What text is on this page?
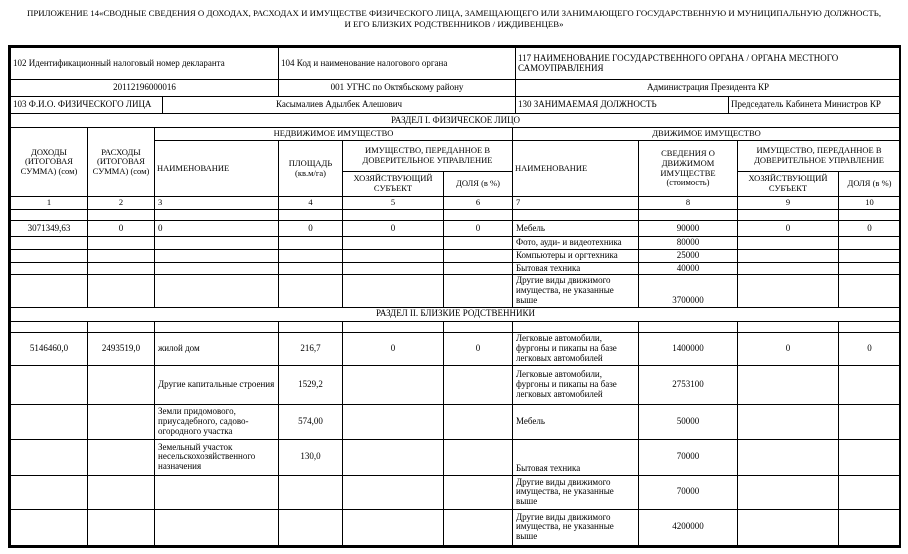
ПРИЛОЖЕНИЕ 14«СВОДНЫЕ СВЕДЕНИЯ О ДОХОДАХ, РАСХОДАХ И ИМУЩЕСТВЕ ФИЗИЧЕСКОГО ЛИЦА, ЗАМЕЩАЮЩЕГО ИЛИ ЗАНИМАЮЩЕГО ГОСУДАРСТВЕННУЮ И МУНИЦИПАЛЬНУЮ ДОЛЖНОСТЬ,
И ЕГО БЛИЗКИХ РОДСТВЕННИКОВ / ИЖДИВЕНЦЕВ»
102 Идентификационный налоговый номер декларанта		104 Код и наименование налогового органа	117 НАИМЕНОВАНИЕ ГОСУДАРСТВЕННОГО ОРГАНА / ОРГАНА МЕСТНОГО САМОУПРАВЛЕНИЯ	
20112196000016		001 УГНС по Октябьскому району	Администрация Президента КР	
103 Ф.И.О. ФИЗИЧЕСКОГО ЛИЦА	Касымалиев Адылбек Алешович		130 ЗАНИМАЕМАЯ ДОЛЖНОСТЬ	Председатель Кабинета Министров КР
РАЗДЕЛ I. ФИЗИЧЕСКОЕ ЛИЦО									
ДОХОДЫ (ИТОГОВАЯ СУММА) (сом)	РАСХОДЫ (ИТОГОВАЯ СУММА) (сом)	НЕДВИЖИМОЕ ИМУЩЕСТВО				ДВИЖИМОЕ ИМУЩЕСТВО			
		НАИМЕНОВАНИЕ	ПЛОЩАДЬ (кв.м/га)	ИМУЩЕСТВО, ПЕРЕДАННОЕ В ДОВЕРИТЕЛЬНОЕ УПРАВЛЕНИЕ		НАИМЕНОВАНИЕ	СВЕДЕНИЯ О ДВИЖИМОМ ИМУЩЕСТВЕ (стоимость)	ИМУЩЕСТВО, ПЕРЕДАННОЕ В ДОВЕРИТЕЛЬНОЕ УПРАВЛЕНИЕ	
				ХОЗЯЙСТВУЮЩИЙ СУБЪЕКТ	ДОЛЯ (в %)			ХОЗЯЙСТВУЮЩИЙ СУБЪЕКТ	ДОЛЯ (в %)
1	2	3	4	5	6	7	8	9	10

3071349,63	0	0	0	0	0	Мебель	90000	0	0
						Фото, ауди- и видеотехника	80000		
						Компьютеры и оргтехника	25000		
						Бытовая техника	40000		
						Другие виды движимого имущества, не указанные выше	3700000		
РАЗДЕЛ II. БЛИЗКИЕ РОДСТВЕННИКИ									

5146460,0	2493519,0	жилой дом	216,7	0	0	Легковые автомобили, фургоны и пикапы на базе легковых автомобилей	1400000	0	0
		Другие капитальные строения	1529,2			Легковые автомобили, фургоны и пикапы на базе легковых автомобилей	2753100		
		Земли придомового, приусадебного, садово-огородного участка	574,00			Мебель	50000		
		Земельный участок несельскохозяйственного назначения	130,0			Бытовая техника	70000		
						Другие виды движимого имущества, не указанные выше	70000		
						Другие виды движимого имущества, не указанные выше	4200000		
